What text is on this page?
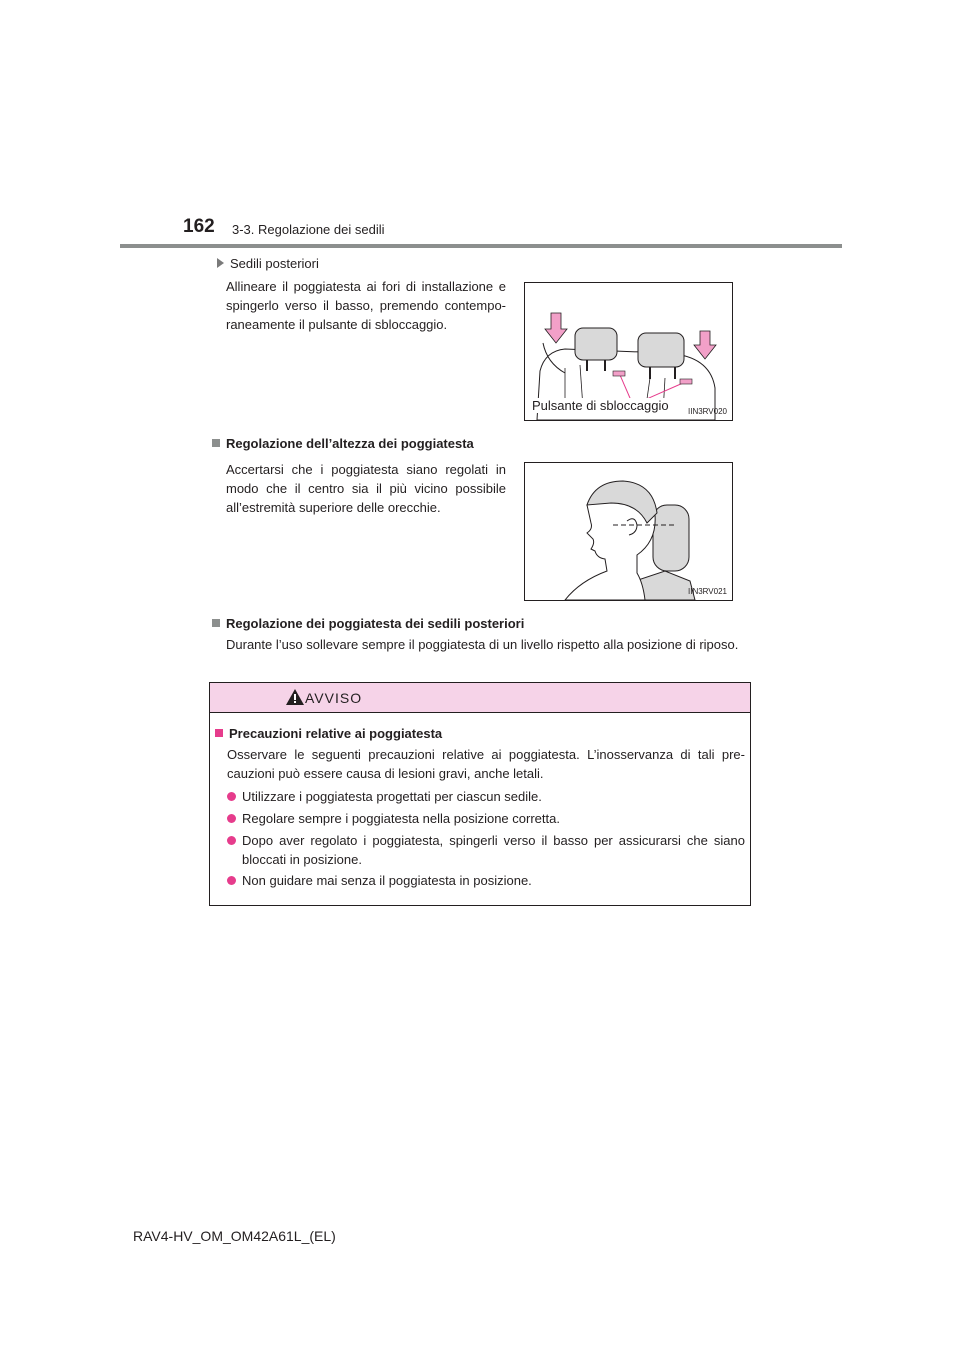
162 3-3. Regolazione dei sedili
Sedili posteriori
Allineare il poggiatesta ai fori di installazione e spingerlo verso il basso, premendo contempo-raneamente il pulsante di sbloccaggio.
Pulsante di sbloccaggio IIN3RV020
Regolazione dell’altezza dei poggiatesta
Accertarsi che i poggiatesta siano regolati in modo che il centro sia il più vicino possibile all’estremità superiore delle orecchie.
IIN3RV021
Regolazione dei poggiatesta dei sedili posteriori
Durante l’uso sollevare sempre il poggiatesta di un livello rispetto alla posizione di riposo.
AVVISO
Precauzioni relative ai poggiatesta
Osservare le seguenti precauzioni relative ai poggiatesta. L’inosservanza di tali pre-cauzioni può essere causa di lesioni gravi, anche letali.
Utilizzare i poggiatesta progettati per ciascun sedile.
Regolare sempre i poggiatesta nella posizione corretta.
Dopo aver regolato i poggiatesta, spingerli verso il basso per assicurarsi che siano bloccati in posizione.
Non guidare mai senza il poggiatesta in posizione.
RAV4-HV_OM_OM42A61L_(EL)
